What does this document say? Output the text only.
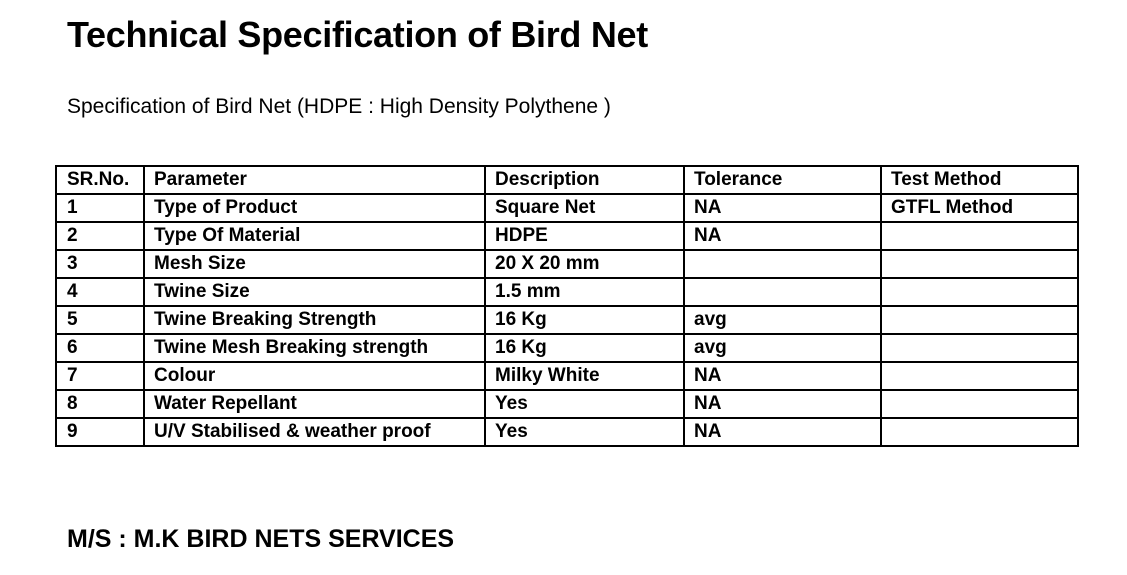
Technical Specification of Bird Net
Specification of Bird Net (HDPE : High Density Polythene )
SR.No.	Parameter	Description	Tolerance	Test Method
1	Type of Product	Square Net	NA	GTFL Method
2	Type Of Material	HDPE	NA	
3	Mesh Size	20 X 20 mm		
4	Twine Size	1.5 mm		
5	Twine Breaking Strength	16 Kg	avg	
6	Twine Mesh Breaking strength	16 Kg	avg	
7	Colour	Milky White	NA	
8	Water Repellant	Yes	NA	
9	U/V Stabilised & weather proof	Yes	NA	
M/S : M.K BIRD NETS SERVICES
